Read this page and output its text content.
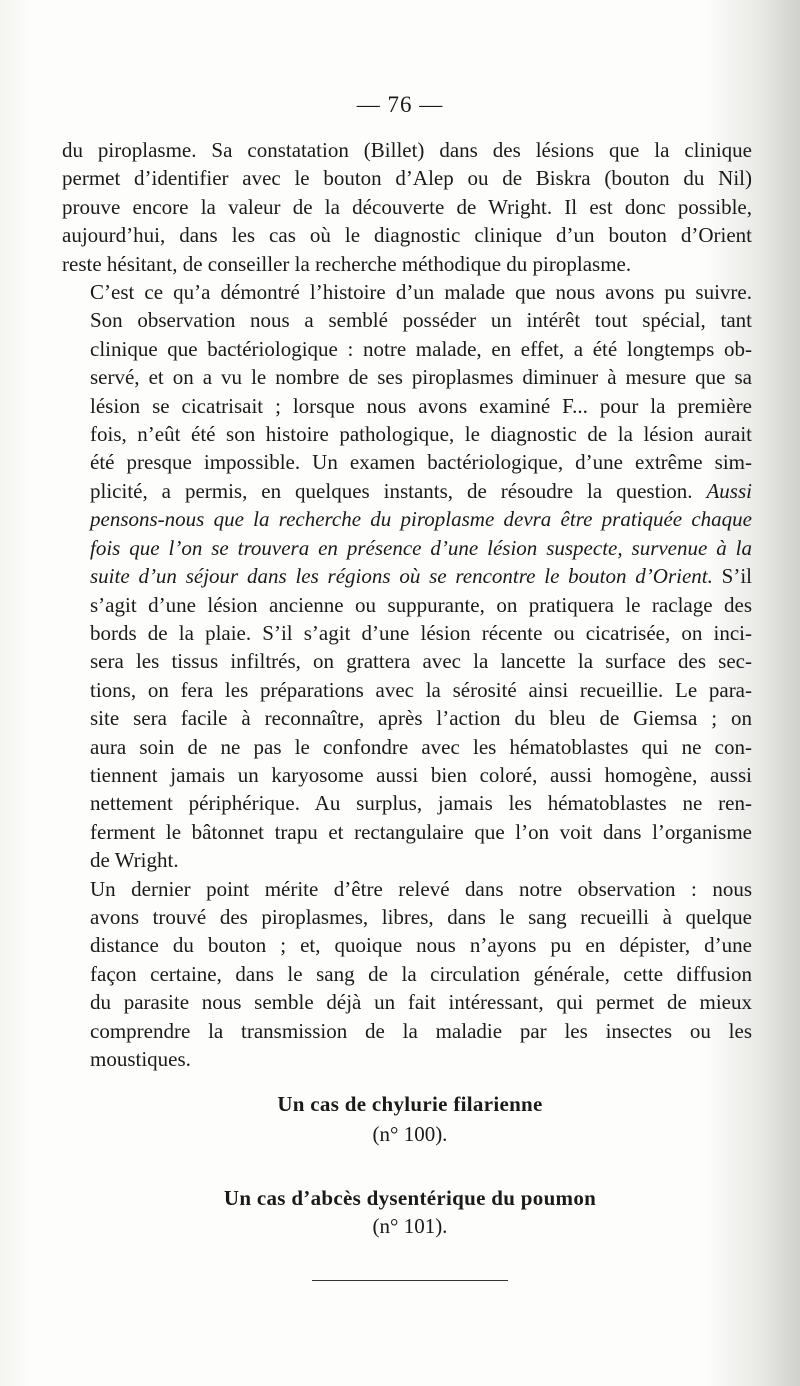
— 76 —
du piroplasme. Sa constatation (Billet) dans des lésions que la clinique
permet d’identifier avec le bouton d’Alep ou de Biskra (bouton du Nil)
prouve encore la valeur de la découverte de Wright. Il est donc possible,
aujourd’hui, dans les cas où le diagnostic clinique d’un bouton d’Orient
reste hésitant, de conseiller la recherche méthodique du piroplasme.
C’est ce qu’a démontré l’histoire d’un malade que nous avons pu suivre.
Son observation nous a semblé posséder un intérêt tout spécial, tant
clinique que bactériologique : notre malade, en effet, a été longtemps ob-
servé, et on a vu le nombre de ses piroplasmes diminuer à mesure que sa
lésion se cicatrisait ; lorsque nous avons examiné F... pour la première
fois, n’eût été son histoire pathologique, le diagnostic de la lésion aurait
été presque impossible. Un examen bactériologique, d’une extrême sim-
plicité, a permis, en quelques instants, de résoudre la question. Aussi
pensons-nous que la recherche du piroplasme devra être pratiquée chaque
fois que l’on se trouvera en présence d’une lésion suspecte, survenue à la
suite d’un séjour dans les régions où se rencontre le bouton d’Orient. S’il
s’agit d’une lésion ancienne ou suppurante, on pratiquera le raclage des
bords de la plaie. S’il s’agit d’une lésion récente ou cicatrisée, on inci-
sera les tissus infiltrés, on grattera avec la lancette la surface des sec-
tions, on fera les préparations avec la sérosité ainsi recueillie. Le para-
site sera facile à reconnaître, après l’action du bleu de Giemsa ; on
aura soin de ne pas le confondre avec les hématoblastes qui ne con-
tiennent jamais un karyosome aussi bien coloré, aussi homogène, aussi
nettement périphérique. Au surplus, jamais les hématoblastes ne ren-
ferment le bâtonnet trapu et rectangulaire que l’on voit dans l’organisme
de Wright.
Un dernier point mérite d’être relevé dans notre observation : nous
avons trouvé des piroplasmes, libres, dans le sang recueilli à quelque
distance du bouton ; et, quoique nous n’ayons pu en dépister, d’une
façon certaine, dans le sang de la circulation générale, cette diffusion
du parasite nous semble déjà un fait intéressant, qui permet de mieux
comprendre la transmission de la maladie par les insectes ou les
moustiques.
Un cas de chylurie filarienne
(n° 100).
Un cas d’abcès dysentérique du poumon
(n° 101).
